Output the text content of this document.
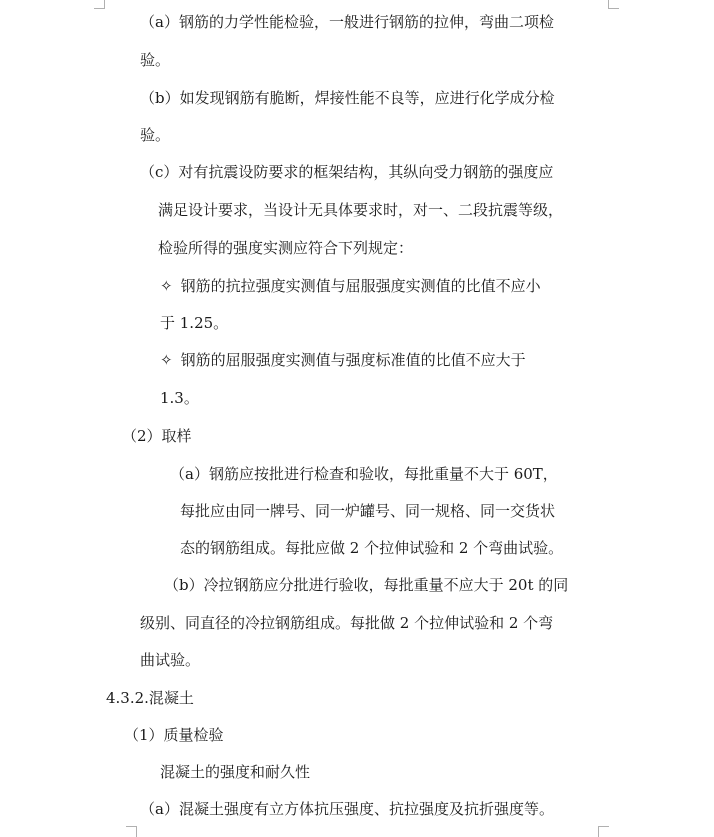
（a）钢筋的力学性能检验，一般进行钢筋的拉伸，弯曲二项检
验。
（b）如发现钢筋有脆断，焊接性能不良等，应进行化学成分检
验。
（c）对有抗震设防要求的框架结构，其纵向受力钢筋的强度应
满足设计要求，当设计无具体要求时，对一、二段抗震等级，
检验所得的强度实测应符合下列规定：
✧ 钢筋的抗拉强度实测值与屈服强度实测值的比值不应小
于 1.25。
✧ 钢筋的屈服强度实测值与强度标准值的比值不应大于
1.3。
（2）取样
（a）钢筋应按批进行检查和验收，每批重量不大于 60T，
每批应由同一牌号、同一炉罐号、同一规格、同一交货状
态的钢筋组成。每批应做 2 个拉伸试验和 2 个弯曲试验。
（b）冷拉钢筋应分批进行验收，每批重量不应大于 20t 的同
级别、同直径的冷拉钢筋组成。每批做 2 个拉伸试验和 2 个弯
曲试验。
4.3.2.混凝土
（1）质量检验
混凝土的强度和耐久性
（a）混凝土强度有立方体抗压强度、抗拉强度及抗折强度等。
